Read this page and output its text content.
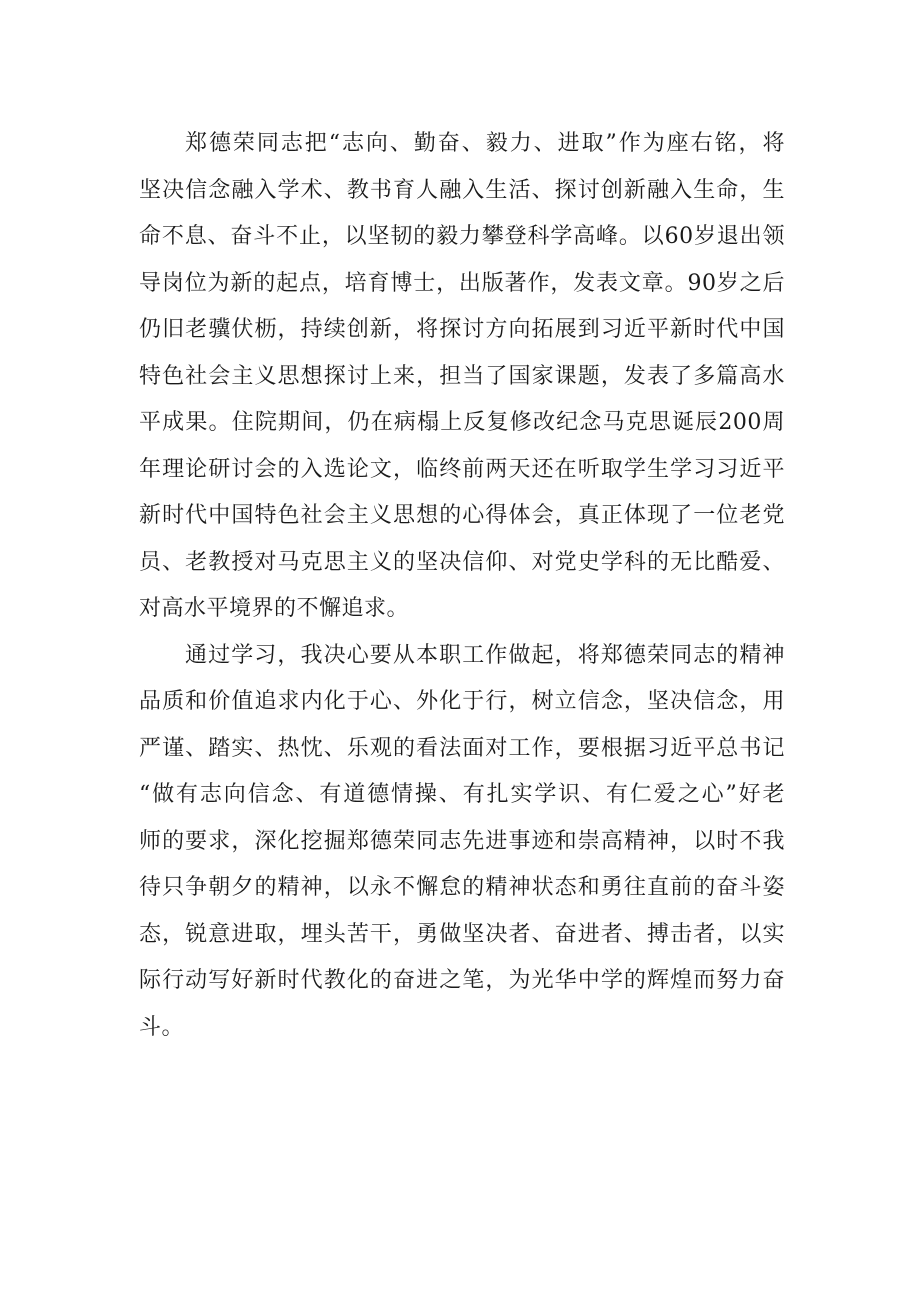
郑德荣同志把“志向、勤奋、毅力、进取”作为座右铭，将
坚决信念融入学术、教书育人融入生活、探讨创新融入生命，生
命不息、奋斗不止，以坚韧的毅力攀登科学高峰。以60岁退出领
导岗位为新的起点，培育博士，出版著作，发表文章。90岁之后
仍旧老骥伏枥，持续创新，将探讨方向拓展到习近平新时代中国
特色社会主义思想探讨上来，担当了国家课题，发表了多篇高水
平成果。住院期间，仍在病榻上反复修改纪念马克思诞辰200周
年理论研讨会的入选论文，临终前两天还在听取学生学习习近平
新时代中国特色社会主义思想的心得体会，真正体现了一位老党
员、老教授对马克思主义的坚决信仰、对党史学科的无比酷爱、
对高水平境界的不懈追求。
通过学习，我决心要从本职工作做起，将郑德荣同志的精神
品质和价值追求内化于心、外化于行，树立信念，坚决信念，用
严谨、踏实、热忱、乐观的看法面对工作，要根据习近平总书记
“做有志向信念、有道德情操、有扎实学识、有仁爱之心”好老
师的要求，深化挖掘郑德荣同志先进事迹和崇高精神，以时不我
待只争朝夕的精神，以永不懈怠的精神状态和勇往直前的奋斗姿
态，锐意进取，埋头苦干，勇做坚决者、奋进者、搏击者，以实
际行动写好新时代教化的奋进之笔，为光华中学的辉煌而努力奋
斗。
